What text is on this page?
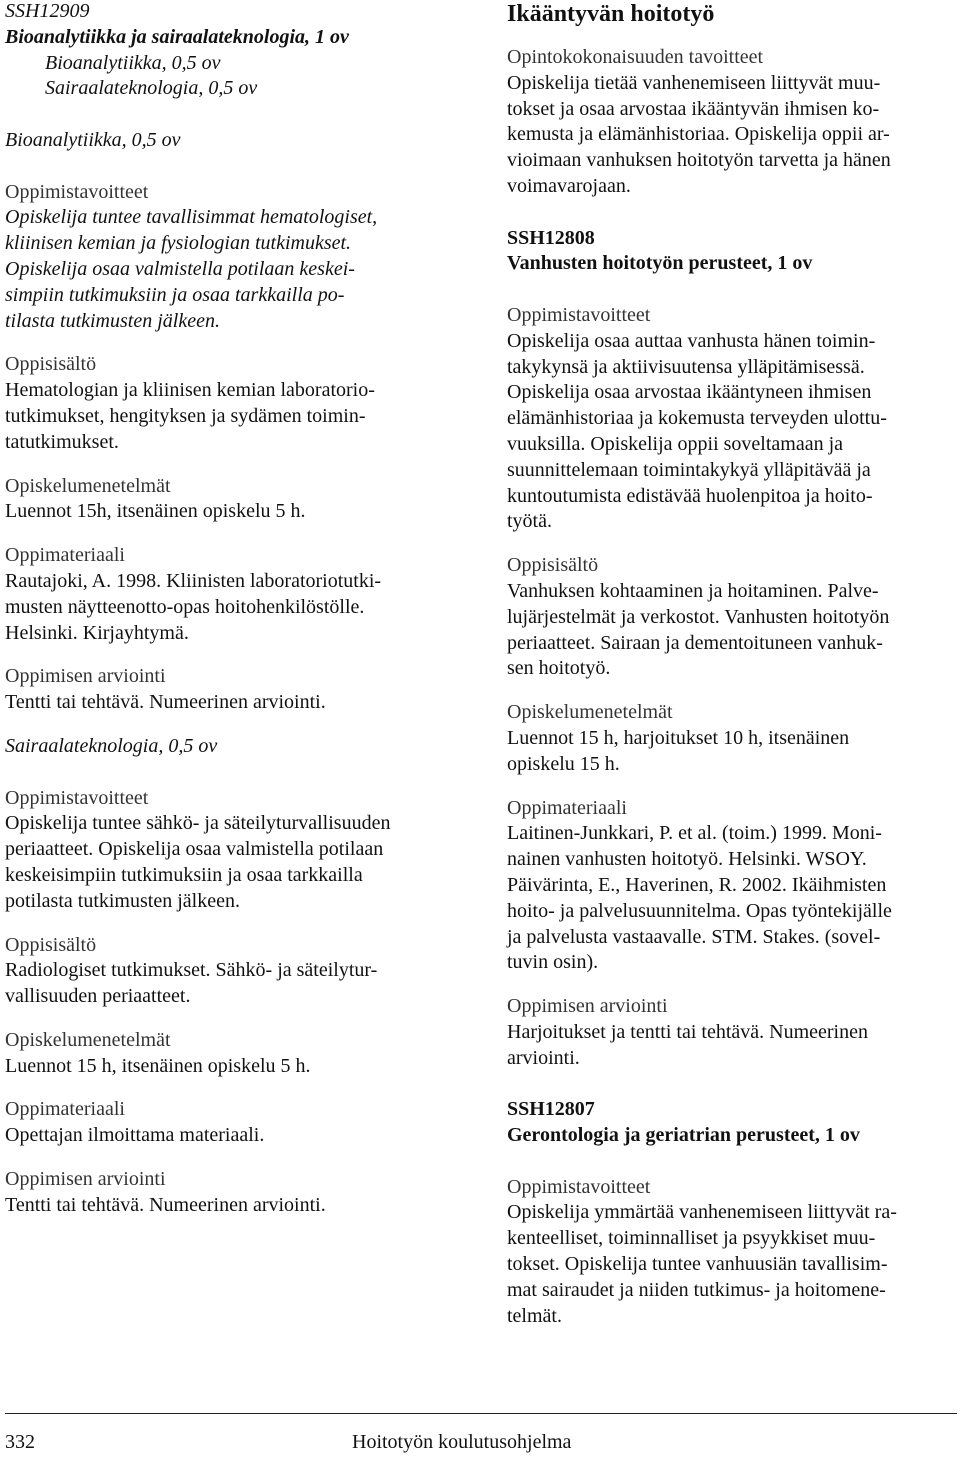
SSH12909

Bioanalytiikka ja sairaalateknologia, 1 ov

Bioanalytiikka, 0,5 ov

Sairaalateknologia, 0,5 ov

Bioanalytiikka, 0,5 ov

Oppimistavoitteet

Opiskelija tuntee tavallisimmat hematologiset,

kliinisen kemian ja fysiologian tutkimukset.

Opiskelija osaa valmistella potilaan keskei-

simpiin tutkimuksiin ja osaa tarkkailla po-

tilasta tutkimusten jälkeen.

Oppisisältö

Hematologian ja kliinisen kemian laboratorio-

tutkimukset, hengityksen ja sydämen toimin-

tatutkimukset.

Opiskelumenetelmät

Luennot 15h, itsenäinen opiskelu 5 h.

Oppimateriaali

Rautajoki, A. 1998. Kliinisten laboratoriotutki-

musten näytteenotto-opas hoitohenkilöstölle.

Helsinki. Kirjayhtymä.

Oppimisen arviointi

Tentti tai tehtävä. Numeerinen arviointi.

Sairaalateknologia, 0,5 ov

Oppimistavoitteet

Opiskelija tuntee sähkö- ja säteilyturvallisuuden

periaatteet. Opiskelija osaa valmistella potilaan

keskeisimpiin tutkimuksiin ja osaa tarkkailla

potilasta tutkimusten jälkeen.

Oppisisältö

Radiologiset tutkimukset. Sähkö- ja säteilytur-

vallisuuden periaatteet.

Opiskelumenetelmät

Luennot 15 h, itsenäinen opiskelu 5 h.

Oppimateriaali

Opettajan ilmoittama materiaali.

Oppimisen arviointi

Tentti tai tehtävä. Numeerinen arviointi.

Ikääntyvän hoitotyö

Opintokokonaisuuden tavoitteet

Opiskelija tietää vanhenemiseen liittyvät muu-

tokset ja osaa arvostaa ikääntyvän ihmisen ko-

kemusta ja elämänhistoriaa. Opiskelija oppii ar-

vioimaan vanhuksen hoitotyön tarvetta ja hänen

voimavarojaan.

SSH12808

Vanhusten hoitotyön perusteet, 1 ov

Oppimistavoitteet

Opiskelija osaa auttaa vanhusta hänen toimin-

takykynsä ja aktiivisuutensa ylläpitämisessä.

Opiskelija osaa arvostaa ikääntyneen ihmisen

elämänhistoriaa ja kokemusta terveyden ulottu-

vuuksilla. Opiskelija oppii soveltamaan ja

suunnittelemaan toimintakykyä ylläpitävää ja

kuntoutumista edistävää huolenpitoa ja hoito-

työtä.

Oppisisältö

Vanhuksen kohtaaminen ja hoitaminen. Palve-

lujärjestelmät ja verkostot. Vanhusten hoitotyön

periaatteet. Sairaan ja dementoituneen vanhuk-

sen hoitotyö.

Opiskelumenetelmät

Luennot 15 h, harjoitukset 10 h, itsenäinen

opiskelu 15 h.

Oppimateriaali

Laitinen-Junkkari, P. et al. (toim.) 1999. Moni-

nainen vanhusten hoitotyö. Helsinki. WSOY.

Päivärinta, E., Haverinen, R. 2002. Ikäihmisten

hoito- ja palvelusuunnitelma. Opas työntekijälle

ja palvelusta vastaavalle. STM. Stakes. (sovel-

tuvin osin).

Oppimisen arviointi

Harjoitukset ja tentti tai tehtävä. Numeerinen

arviointi.

SSH12807

Gerontologia ja geriatrian perusteet, 1 ov

Oppimistavoitteet

Opiskelija ymmärtää vanhenemiseen liittyvät ra-

kenteelliset, toiminnalliset ja psyykkiset muu-

tokset. Opiskelija tuntee vanhuusiän tavallisim-

mat sairaudet ja niiden tutkimus- ja hoitomene-

telmät.

332	Hoitotyön koulutusohjelma
